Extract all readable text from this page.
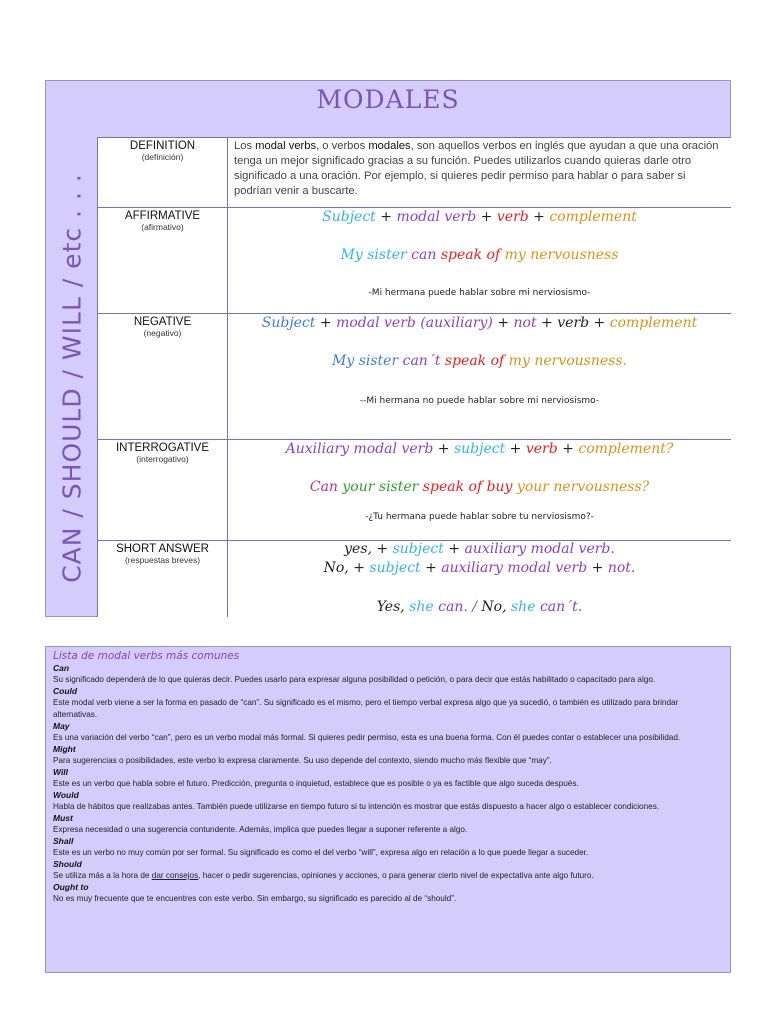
MODALES
CAN / SHOULD / WILL / etc . . .
DEFINITION
(definición)
Los modal verbs, o verbos modales, son aquellos verbos en inglés que ayudan a que una oración tenga un mejor significado gracias a su función. Puedes utilizarlos cuando quieras darle otro significado a una oración. Por ejemplo, si quieres pedir permiso para hablar o para saber si podrían venir a buscarte.
AFFIRMATIVE
(afirmativo)
Subject + modal verb + verb + complement
My sister can speak of my nervousness
-Mi hermana puede hablar sobre mi nerviosismo-
NEGATIVE
(negativo)
Subject + modal verb (auxiliary) + not + verb + complement
My sister can´t speak of my nervousness.
--Mi hermana no puede hablar sobre mi nerviosismo-
INTERROGATIVE
(interrogativo)
Auxiliary modal verb + subject + verb + complement?
Can your sister speak of buy your nervousness?
-¿Tu hermana puede hablar sobre tu nerviosismo?-
SHORT ANSWER
(respuestas breves)
yes, + subject + auxiliary modal verb.
No, + subject + auxiliary modal verb + not.
Yes, she can. / No, she can´t.
Lista de modal verbs más comunes
Can
Su significado dependerá de lo que quieras decir. Puedes usarlo para expresar alguna posibilidad o petición, o para decir que estás habilitado o capacitado para algo.
Could
Este modal verb viene a ser la forma en pasado de “can”. Su significado es el mismo, pero el tiempo verbal expresa algo que ya sucedió, o también es utilizado para brindar alternativas.
May
Es una variación del verbo “can”, pero es un verbo modal más formal. Si quieres pedir permiso, esta es una buena forma. Con él puedes contar o establecer una posibilidad.
Might
Para sugerencias o posibilidades, este verbo lo expresa claramente. Su uso depende del contexto, siendo mucho más flexible que “may”.
Will
Este es un verbo que habla sobre el futuro. Predicción, pregunta o inquietud, establece que es posible o ya es factible que algo suceda después.
Would
Habla de hábitos que realizabas antes. También puede utilizarse en tiempo futuro si tu intención es mostrar que estás dispuesto a hacer algo o establecer condiciones.
Must
Expresa necesidad o una sugerencia contundente. Además, implica que puedes llegar a suponer referente a algo.
Shall
Este es un verbo no muy común por ser formal. Su significado es como el del verbo “will”, expresa algo en relación a lo que puede llegar a suceder.
Should
Se utiliza más a la hora de dar consejos, hacer o pedir sugerencias, opiniones y acciones, o para generar cierto nivel de expectativa ante algo futuro.
Ought to
No es muy frecuente que te encuentres con este verbo. Sin embargo, su significado es parecido al de “should”.
